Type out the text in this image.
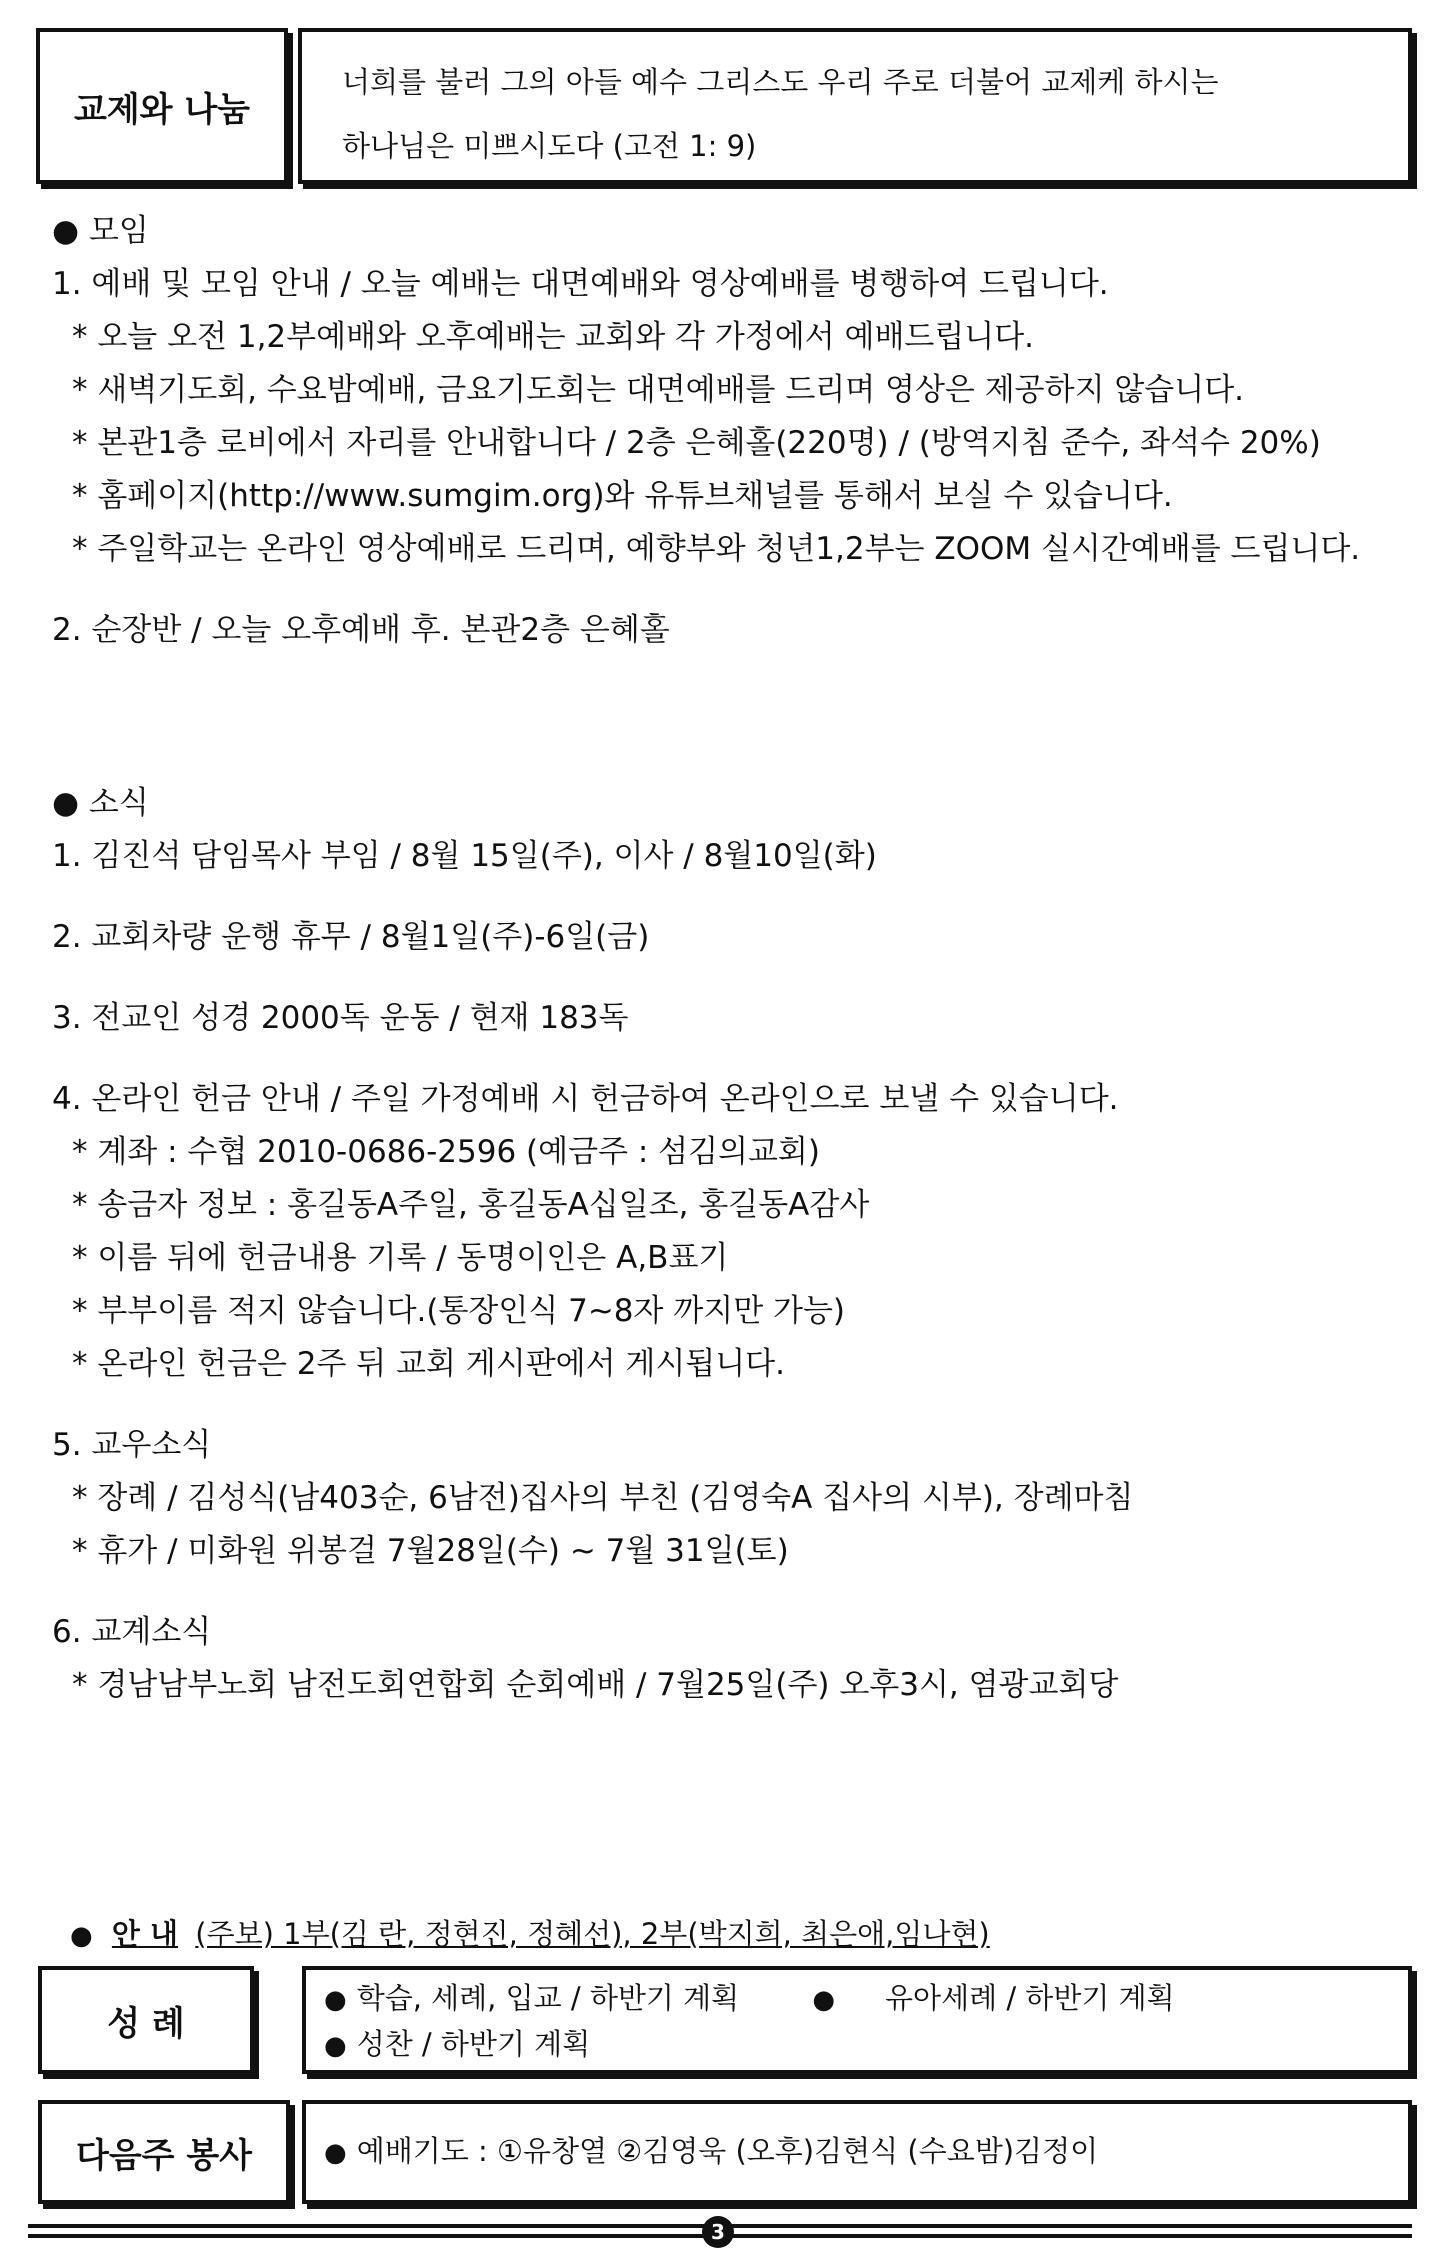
교제와 나눔
너희를 불러 그의 아들 예수 그리스도 우리 주로 더불어 교제케 하시는
하나님은 미쁘시도다 (고전 1: 9)
● 모임
1. 예배 및 모임 안내 / 오늘 예배는 대면예배와 영상예배를 병행하여 드립니다.
* 오늘 오전 1,2부예배와 오후예배는 교회와 각 가정에서 예배드립니다.
* 새벽기도회, 수요밤예배, 금요기도회는 대면예배를 드리며 영상은 제공하지 않습니다.
* 본관1층 로비에서 자리를 안내합니다 / 2층 은혜홀(220명) / (방역지침 준수, 좌석수 20%)
* 홈페이지(http://www.sumgim.org)와 유튜브채널를 통해서 보실 수 있습니다.
* 주일학교는 온라인 영상예배로 드리며, 예향부와 청년1,2부는 ZOOM 실시간예배를 드립니다.
2. 순장반 / 오늘 오후예배 후. 본관2층 은혜홀
● 소식
1. 김진석 담임목사 부임 / 8월 15일(주), 이사 / 8월10일(화)
2. 교회차량 운행 휴무 / 8월1일(주)-6일(금)
3. 전교인 성경 2000독 운동 / 현재 183독
4. 온라인 헌금 안내 / 주일 가정예배 시 헌금하여 온라인으로 보낼 수 있습니다.
* 계좌 : 수협 2010-0686-2596 (예금주 : 섬김의교회)
* 송금자 정보 : 홍길동A주일, 홍길동A십일조, 홍길동A감사
* 이름 뒤에 헌금내용 기록 / 동명이인은 A,B표기
* 부부이름 적지 않습니다.(통장인식 7~8자 까지만 가능)
* 온라인 헌금은 2주 뒤 교회 게시판에서 게시됩니다.
5. 교우소식
* 장례 / 김성식(남403순, 6남전)집사의 부친 (김영숙A 집사의 시부), 장례마침
* 휴가 / 미화원 위봉걸 7월28일(수) ~ 7월 31일(토)
6. 교계소식
* 경남남부노회 남전도회연합회 순회예배 / 7월25일(주) 오후3시, 염광교회당
● 안 내 (주보) 1부(김 란, 정현진, 정혜선), 2부(박지희, 최은애,임나현)
성 례
● 학습, 세례, 입교 / 하반기 계획	● 유아세례 / 하반기 계획
● 성찬 / 하반기 계획
다음주 봉사	● 예배기도 : ①유창열 ②김영욱 (오후)김현식 (수요밤)김정이
3
